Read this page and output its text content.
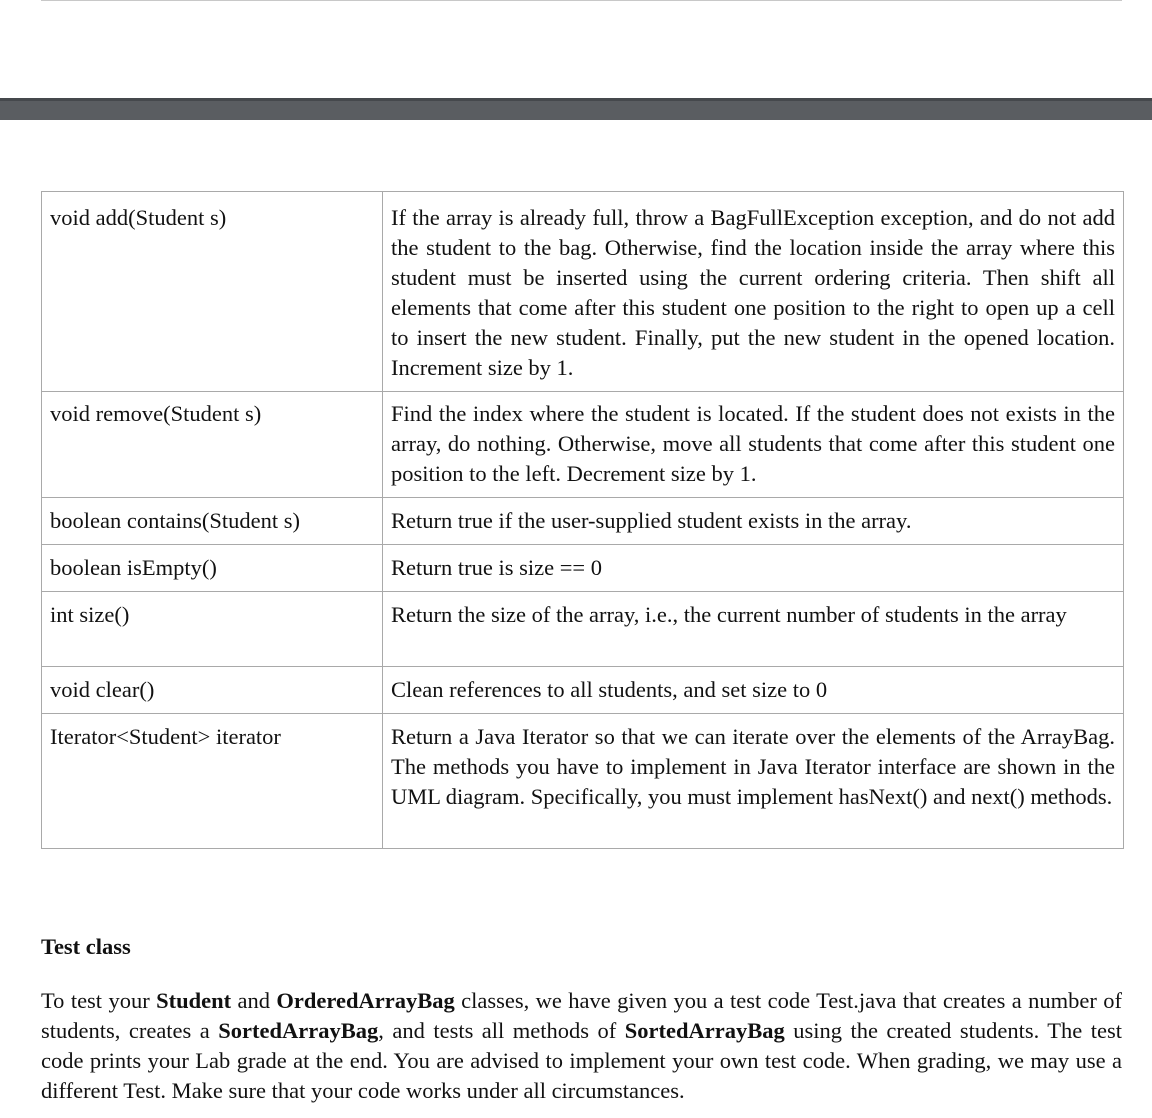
void add(Student s)	If the array is already full, throw a BagFullException exception, and do not add the student to the bag. Otherwise, find the location inside the array where this student must be inserted using the current ordering criteria. Then shift all elements that come after this student one position to the right to open up a cell to insert the new student. Finally, put the new student in the opened location. Increment size by 1.
void remove(Student s)	Find the index where the student is located. If the student does not exists in the array, do nothing. Otherwise, move all students that come after this student one position to the left. Decrement size by 1.
boolean contains(Student s)	Return true if the user-supplied student exists in the array.
boolean isEmpty()	Return true is size == 0
int size()	Return the size of the array, i.e., the current number of students in the array
void clear()	Clean references to all students, and set size to 0
Iterator<Student> iterator	Return a Java Iterator so that we can iterate over the elements of the ArrayBag. The methods you have to implement in Java Iterator interface are shown in the UML diagram. Specifically, you must implement hasNext() and next() methods.
Test class

To test your Student and OrderedArrayBag classes, we have given you a test code Test.java that creates a number of students, creates a SortedArrayBag, and tests all methods of SortedArrayBag using the created students. The test code prints your Lab grade at the end. You are advised to implement your own test code. When grading, we may use a different Test. Make sure that your code works under all circumstances.
